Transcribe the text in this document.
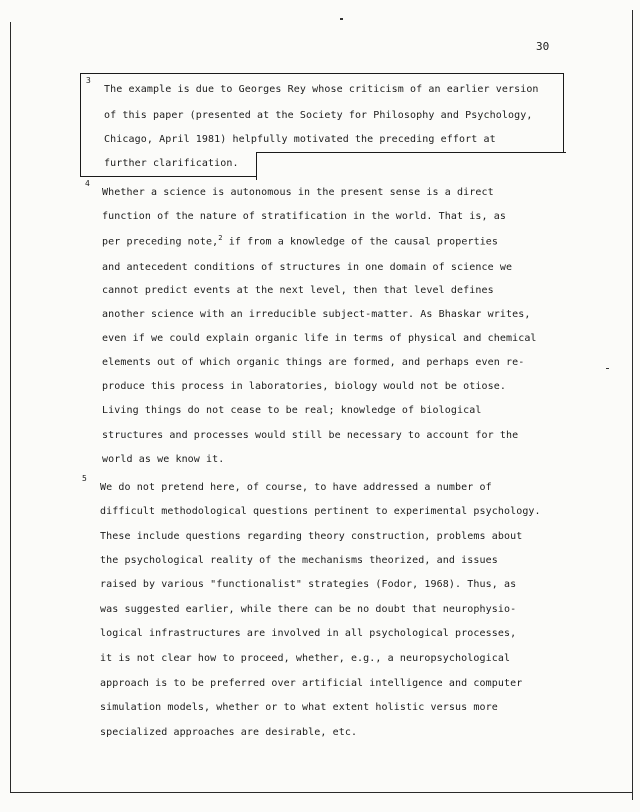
30
3
The example is due to Georges Rey whose criticism of an earlier version
of this paper (presented at the Society for Philosophy and Psychology,
Chicago, April 1981) helpfully motivated the preceding effort at
further clarification.
4
Whether a science is autonomous in the present sense is a direct
function of the nature of stratification in the world. That is, as
per preceding note,$^2$ if from a knowledge of the causal properties
and antecedent conditions of structures in one domain of science we
cannot predict events at the next level, then that level defines
another science with an irreducible subject-matter. As Bhaskar writes,
even if we could explain organic life in terms of physical and chemical
elements out of which organic things are formed, and perhaps even re-
produce this process in laboratories, biology would not be otiose.
Living things do not cease to be real; knowledge of biological
structures and processes would still be necessary to account for the
world as we know it.
5
We do not pretend here, of course, to have addressed a number of
difficult methodological questions pertinent to experimental psychology.
These include questions regarding theory construction, problems about
the psychological reality of the mechanisms theorized, and issues
raised by various "functionalist" strategies (Fodor, 1968). Thus, as
was suggested earlier, while there can be no doubt that neurophysio-
logical infrastructures are involved in all psychological processes,
it is not clear how to proceed, whether, e.g., a neuropsychological
approach is to be preferred over artificial intelligence and computer
simulation models, whether or to what extent holistic versus more
specialized approaches are desirable, etc.
